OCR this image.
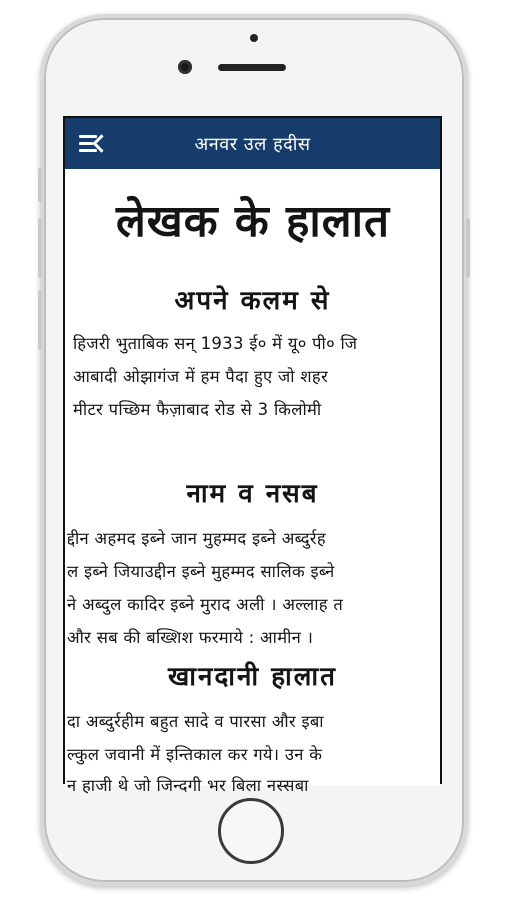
अनवर उल हदीस
लेखक के हालात
अपने कलम से
हिजरी भुताबिक सन् 1933 ई० में यू० पी० जि
आबादी ओझागंज में हम पैदा हुए जो शहर
मीटर पच्छिम फैज़ाबाद रोड से 3 किलोमी
नाम व नसब
द्दीन अहमद इब्ने जान मुहम्मद इब्ने अब्दुर्रह
ल इब्ने जियाउद्दीन इब्ने मुहम्मद सालिक इब्ने
ने अब्दुल कादिर इब्ने मुराद अली । अल्लाह त
और सब की बख्शिश फरमाये : आमीन ।
खानदानी हालात
दा अब्दुर्रहीम बहुत सादे व पारसा और इबा
ल्कुल जवानी में इन्तिकाल कर गये। उन के
न हाजी थे जो जिन्दगी भर बिला नस्सबा
